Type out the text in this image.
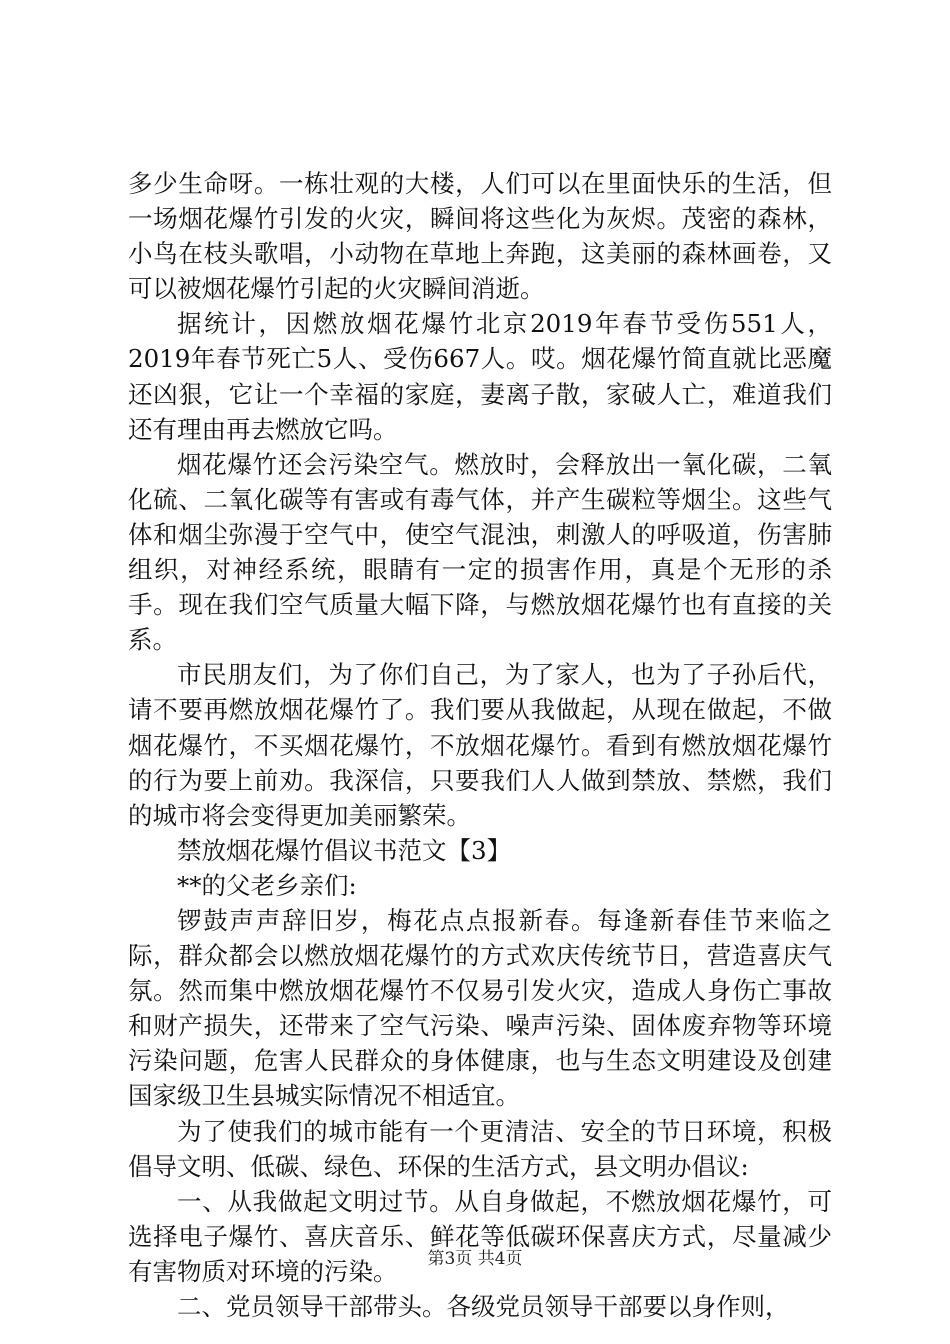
多少生命呀。一栋壮观的大楼，人们可以在里面快乐的生活，但一场烟花爆竹引发的火灾，瞬间将这些化为灰烬。茂密的森林，小鸟在枝头歌唱，小动物在草地上奔跑，这美丽的森林画卷，又可以被烟花爆竹引起的火灾瞬间消逝。

据统计，因燃放烟花爆竹北京2019年春节受伤551人，2019年春节死亡5人、受伤667人。哎。烟花爆竹简直就比恶魔还凶狠，它让一个幸福的家庭，妻离子散，家破人亡，难道我们还有理由再去燃放它吗。

烟花爆竹还会污染空气。燃放时，会释放出一氧化碳，二氧化硫、二氧化碳等有害或有毒气体，并产生碳粒等烟尘。这些气体和烟尘弥漫于空气中，使空气混浊，刺激人的呼吸道，伤害肺组织，对神经系统，眼睛有一定的损害作用，真是个无形的杀手。现在我们空气质量大幅下降，与燃放烟花爆竹也有直接的关系。

市民朋友们，为了你们自己，为了家人，也为了子孙后代，请不要再燃放烟花爆竹了。我们要从我做起，从现在做起，不做烟花爆竹，不买烟花爆竹，不放烟花爆竹。看到有燃放烟花爆竹的行为要上前劝。我深信，只要我们人人做到禁放、禁燃，我们的城市将会变得更加美丽繁荣。

禁放烟花爆竹倡议书范文【3】

**的父老乡亲们:

锣鼓声声辞旧岁，梅花点点报新春。每逢新春佳节来临之际，群众都会以燃放烟花爆竹的方式欢庆传统节日，营造喜庆气氛。然而集中燃放烟花爆竹不仅易引发火灾，造成人身伤亡事故和财产损失，还带来了空气污染、噪声污染、固体废弃物等环境污染问题，危害人民群众的身体健康，也与生态文明建设及创建国家级卫生县城实际情况不相适宜。

为了使我们的城市能有一个更清洁、安全的节日环境，积极倡导文明、低碳、绿色、环保的生活方式，县文明办倡议:

一、从我做起文明过节。从自身做起，不燃放烟花爆竹，可选择电子爆竹、喜庆音乐、鲜花等低碳环保喜庆方式，尽量减少有害物质对环境的污染。

二、党员领导干部带头。各级党员领导干部要以身作则，

第3页 共4页
